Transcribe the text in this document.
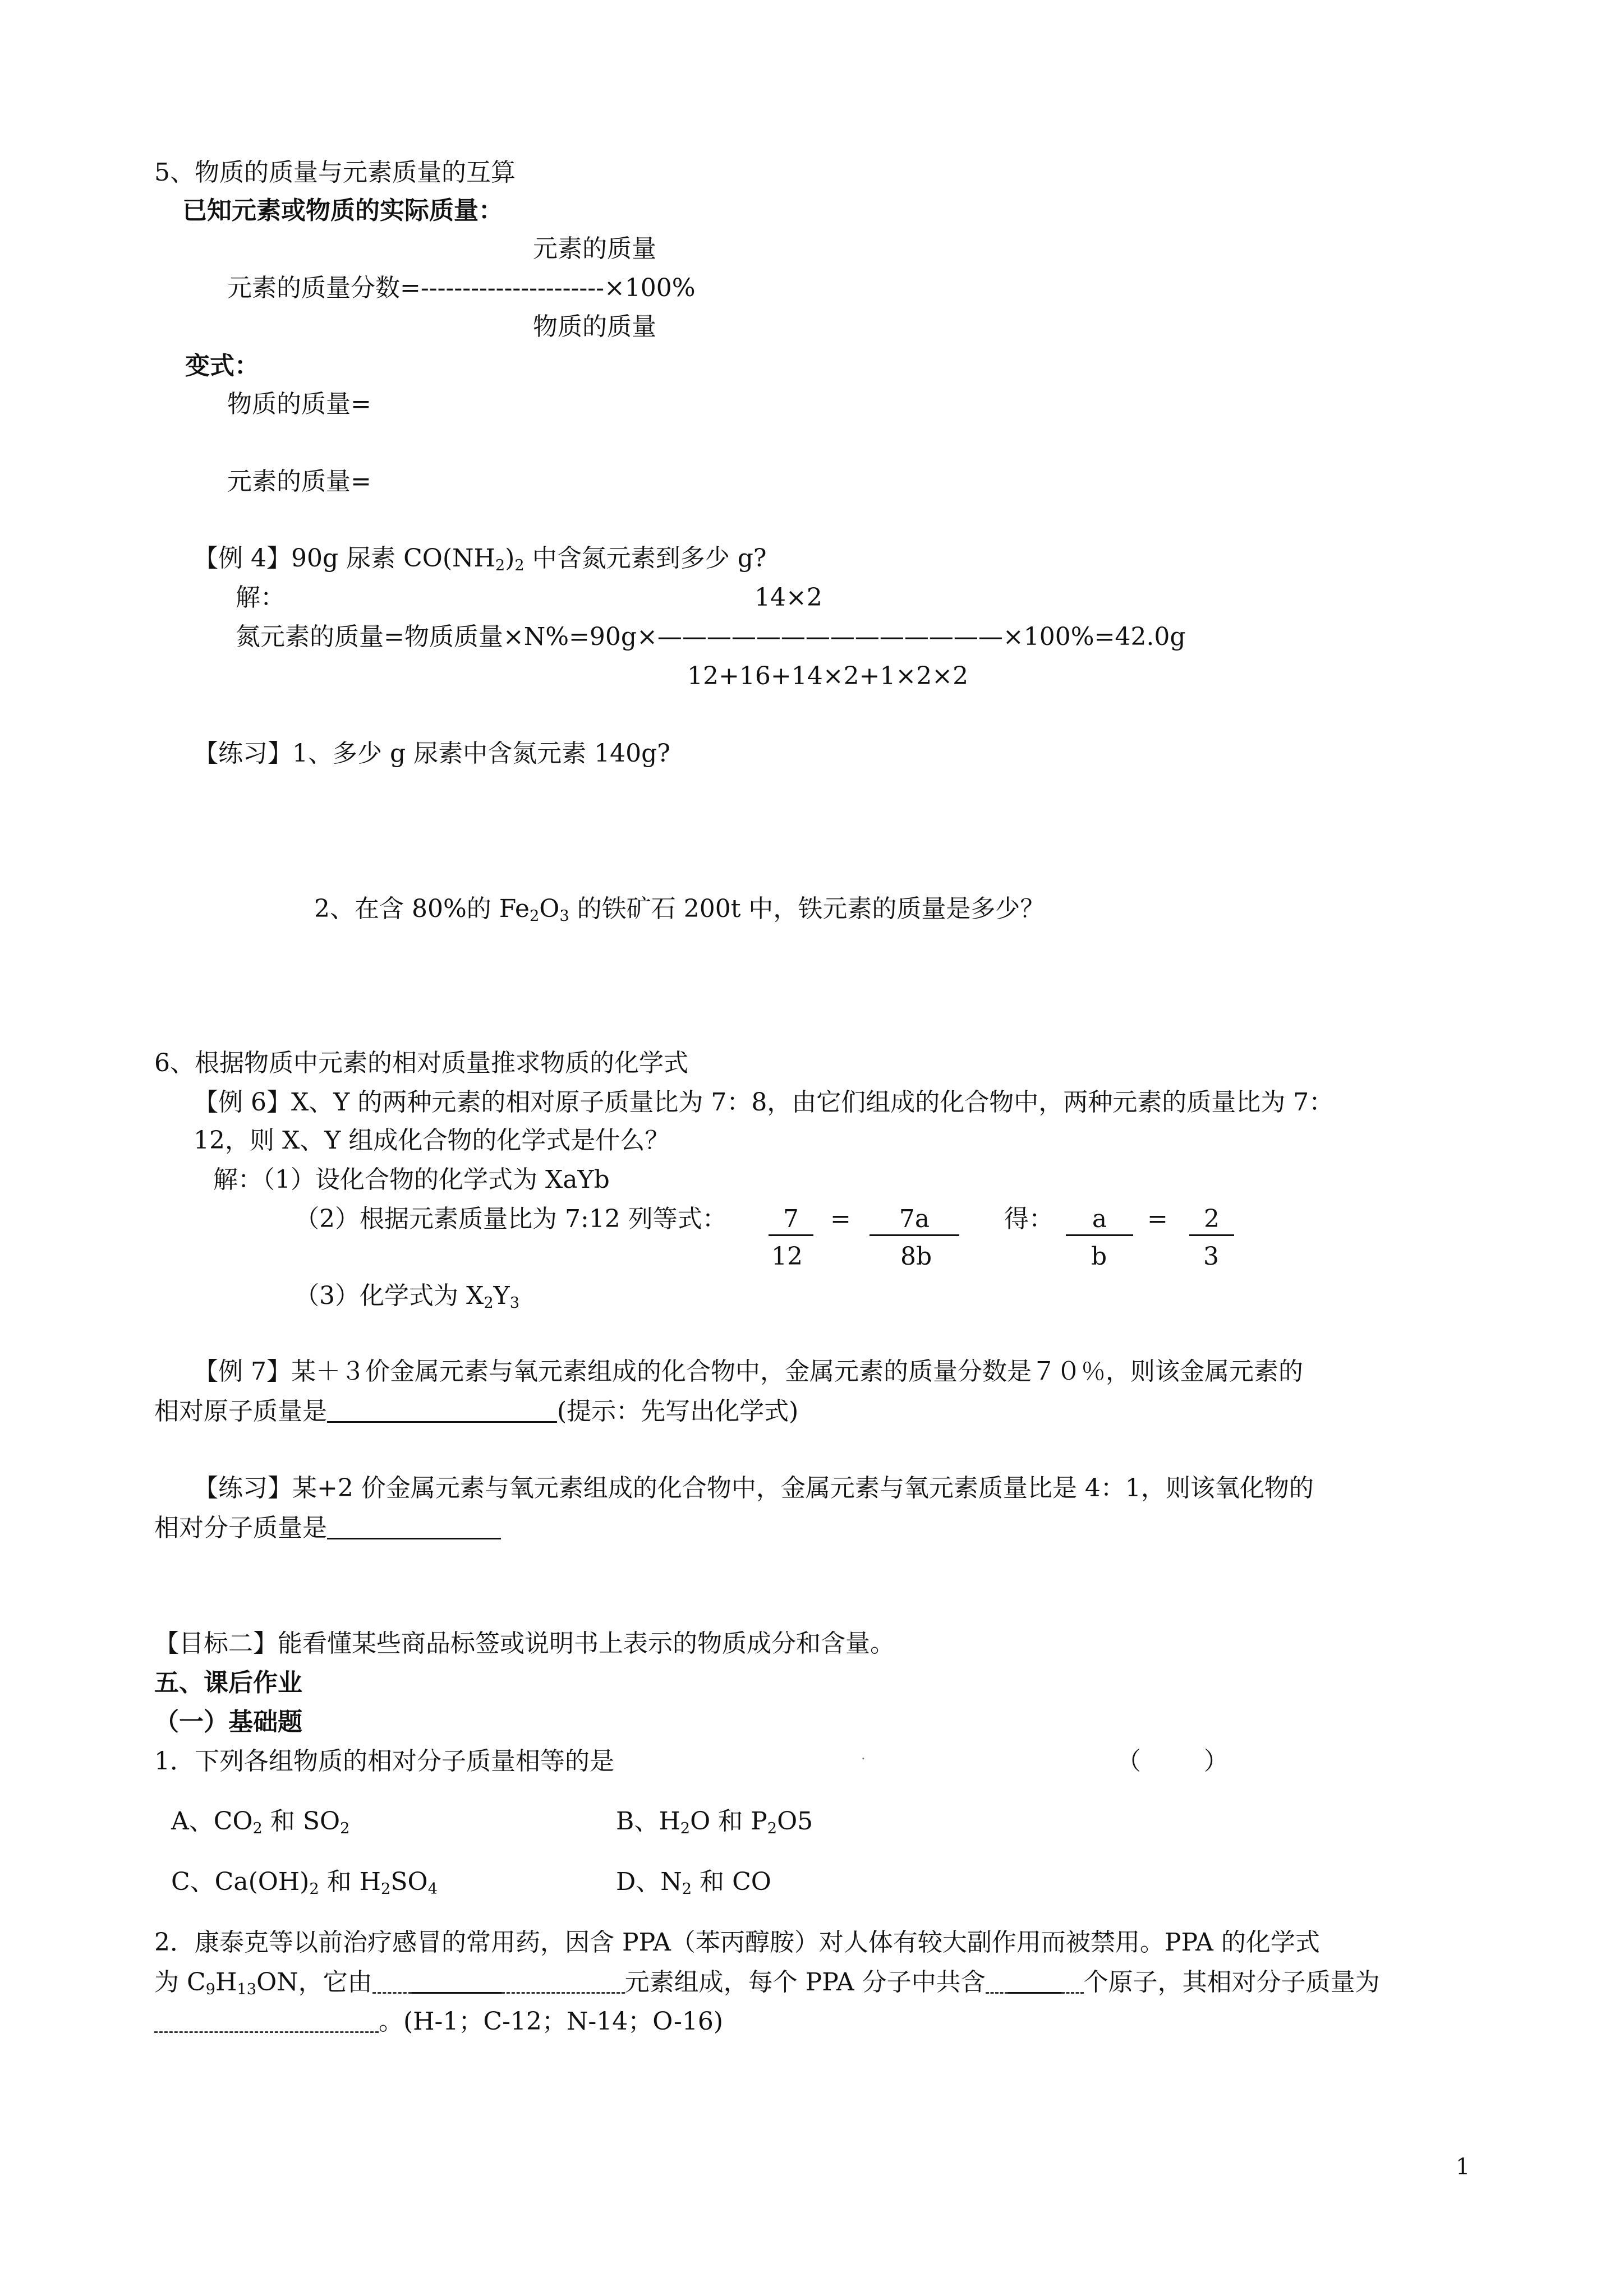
5、物质的质量与元素质量的互算
已知元素或物质的实际质量：
元素的质量
元素的质量分数=----------------------×100%
物质的质量
变式：
物质的质量=
元素的质量=
【例 4】90g 尿素 $CO(NH_2)_2$ 中含氮元素到多少 g?
解：	14×2
氮元素的质量=物质质量×N%=90g×——————————————×100%=42.0g
12+16+14×2+1×2×2
【练习】1、多少 g 尿素中含氮元素 140g?
2、在含 80%的 $Fe_2O_3$ 的铁矿石 200t 中，铁元素的质量是多少？
6、根据物质中元素的相对质量推求物质的化学式
【例 6】X、Y 的两种元素的相对原子质量比为 7：8，由它们组成的化合物中，两种元素的质量比为 7：
12，则 X、Y 组成化合物的化学式是什么？
解：（1）设化合物的化学式为 XaYb
（2）根据元素质量比为 7:12 列等式：	7
12
=	7a
8b
得：	a
b
=	2
3
（3）化学式为 $X_2Y_3$
【例 7】某＋３价金属元素与氧元素组成的化合物中，金属元素的质量分数是７０％，则该金属元素的
相对原子质量是	(提示：先写出化学式)
【练习】某+2 价金属元素与氧元素组成的化合物中，金属元素与氧元素质量比是 4：1，则该氧化物的
相对分子质量是
【目标二】能看懂某些商品标签或说明书上表示的物质成分和含量。
五、课后作业
（一）基础题
1．下列各组物质的相对分子质量相等的是	.	（        ）
A、$CO_2$ 和 $SO_2$	B、$H_2O$ 和 $P_2O5$
C、$Ca(OH)_2$ 和 $H_2SO_4$	D、$N_2$ 和 CO
2．康泰克等以前治疗感冒的常用药，因含 PPA（苯丙醇胺）对人体有较大副作用而被禁用。PPA 的化学式
为 $C_9H_{13}ON$，它由	元素组成，每个 PPA 分子中共含	个原子，其相对分子质量为
。(H-1；C-12；N-14；O-16)
1
